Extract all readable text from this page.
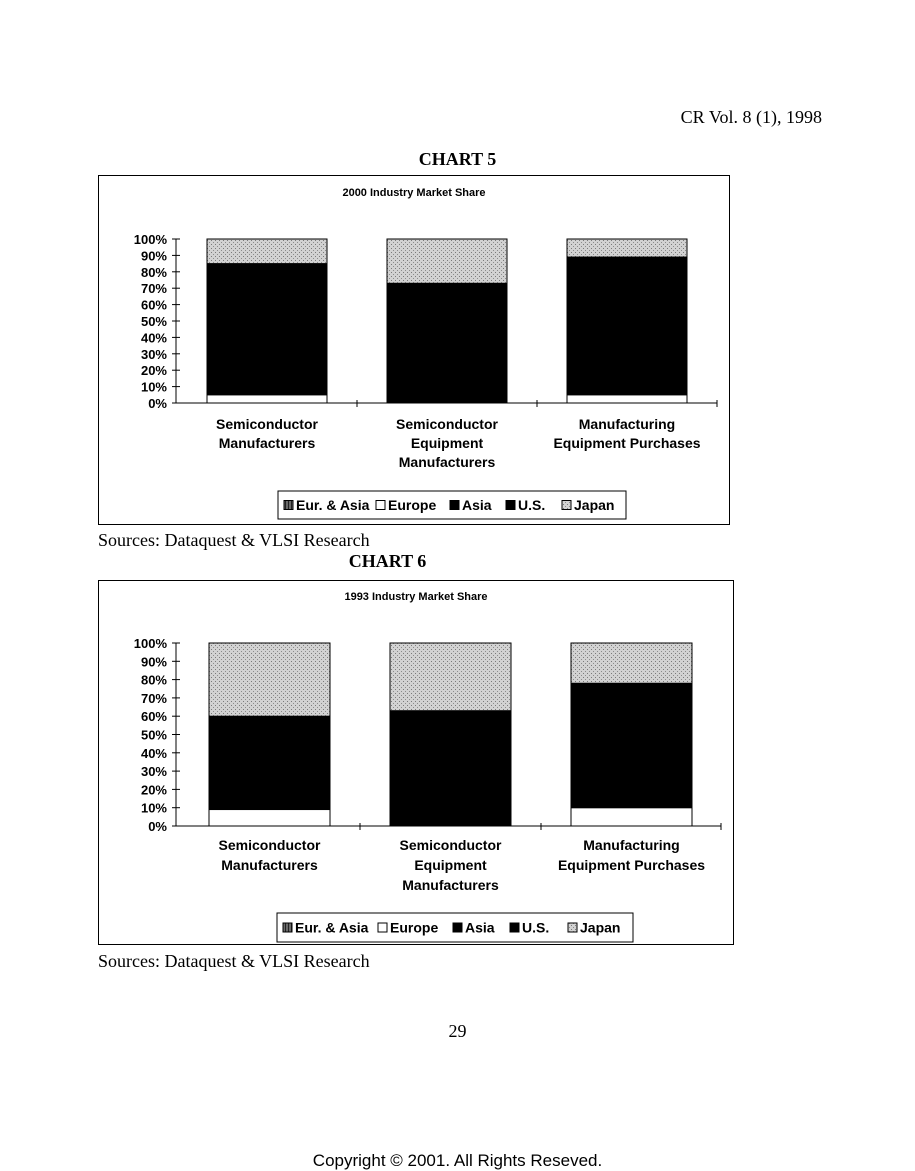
CR Vol. 8 (1), 1998
CHART 5
2000 Industry Market Share
100%
90%
80%
70%
60%
50%
40%
30%
20%
10%
0%
Semiconductor
Manufacturers
Semiconductor
Equipment
Manufacturers
Manufacturing
Equipment Purchases
Eur. & Asia Europe Asia U.S. Japan
Sources: Dataquest & VLSI Research
CHART 6
1993 Industry Market Share
100%
90%
80%
70%
60%
50%
40%
30%
20%
10%
0%
Semiconductor
Manufacturers
Semiconductor
Equipment
Manufacturers
Manufacturing
Equipment Purchases
Eur. & Asia Europe Asia U.S. Japan
Sources: Dataquest & VLSI Research
29
Copyright © 2001. All Rights Reseved.
